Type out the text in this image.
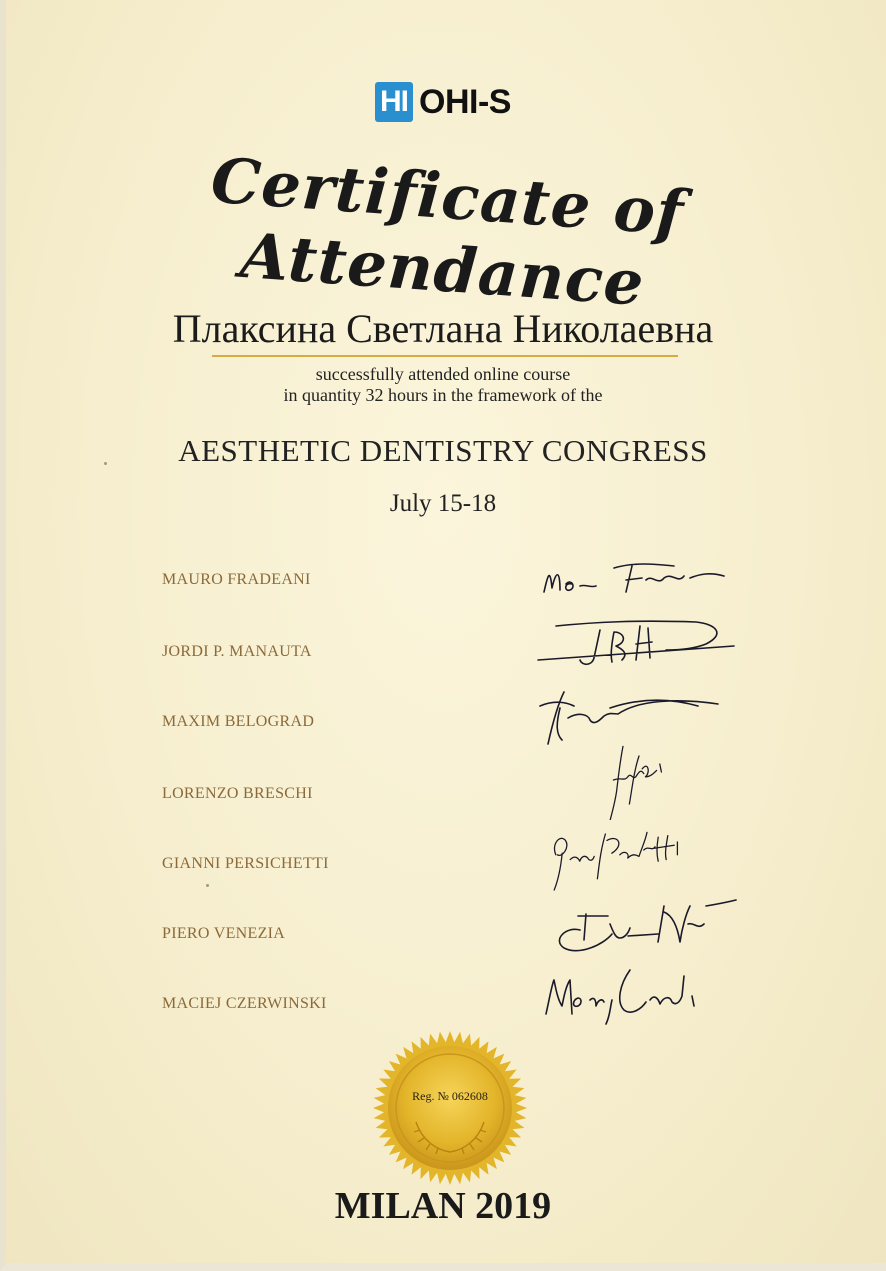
HI OHI-S
Certificate of Attendance
Плаксина Светлана Николаевна
successfully attended online course
in quantity 32 hours in the framework of the
AESTHETIC DENTISTRY CONGRESS
July 15-18
MAURO FRADEANI
JORDI P. MANAUTA
MAXIM BELOGRAD
LORENZO BRESCHI
GIANNI PERSICHETTI
PIERO VENEZIA
MACIEJ CZERWINSKI
Reg. № 062608
MILAN 2019
